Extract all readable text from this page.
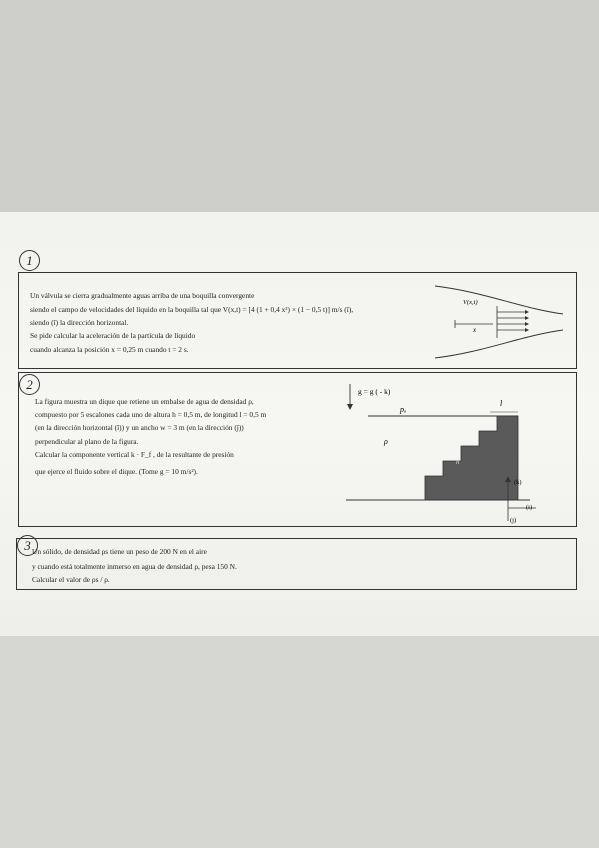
1
Un válvula se cierra gradualmente aguas arriba de una boquilla convergente
siendo el campo de velocidades del líquido en la boquilla tal que V(x,t) = [4 (1 + 0,4 x²) × (1 − 0,5 t)] m/s (î),
siendo (î) la dirección horizontal.
Se pide calcular la aceleración de la partícula de líquido
cuando alcanza la posición x = 0,25 m cuando t = 2 s.
x
V(x,t)
2
La figura muestra un dique que retiene un embalse de agua de densidad ρ,
compuesto por 5 escalones cada uno de altura h = 0,5 m, de longitud l = 0,5 m
(en la dirección horizontal (î)) y un ancho w = 3 m (en la dirección (ĵ))
perpendicular al plano de la figura.
Calcular la componente vertical k · F_f , de la resultante de presión
que ejerce el fluido sobre el dique. (Tome g = 10 m/s²).
g = g ( - k)
pₐ
l
ρ
h
(k)
(i)
(j)
3 Un sólido, de densidad ρs tiene un peso de 200 N en el aire
y cuando está totalmente inmerso en agua de densidad ρ, pesa 150 N.
Calcular el valor de ρs / ρ.
